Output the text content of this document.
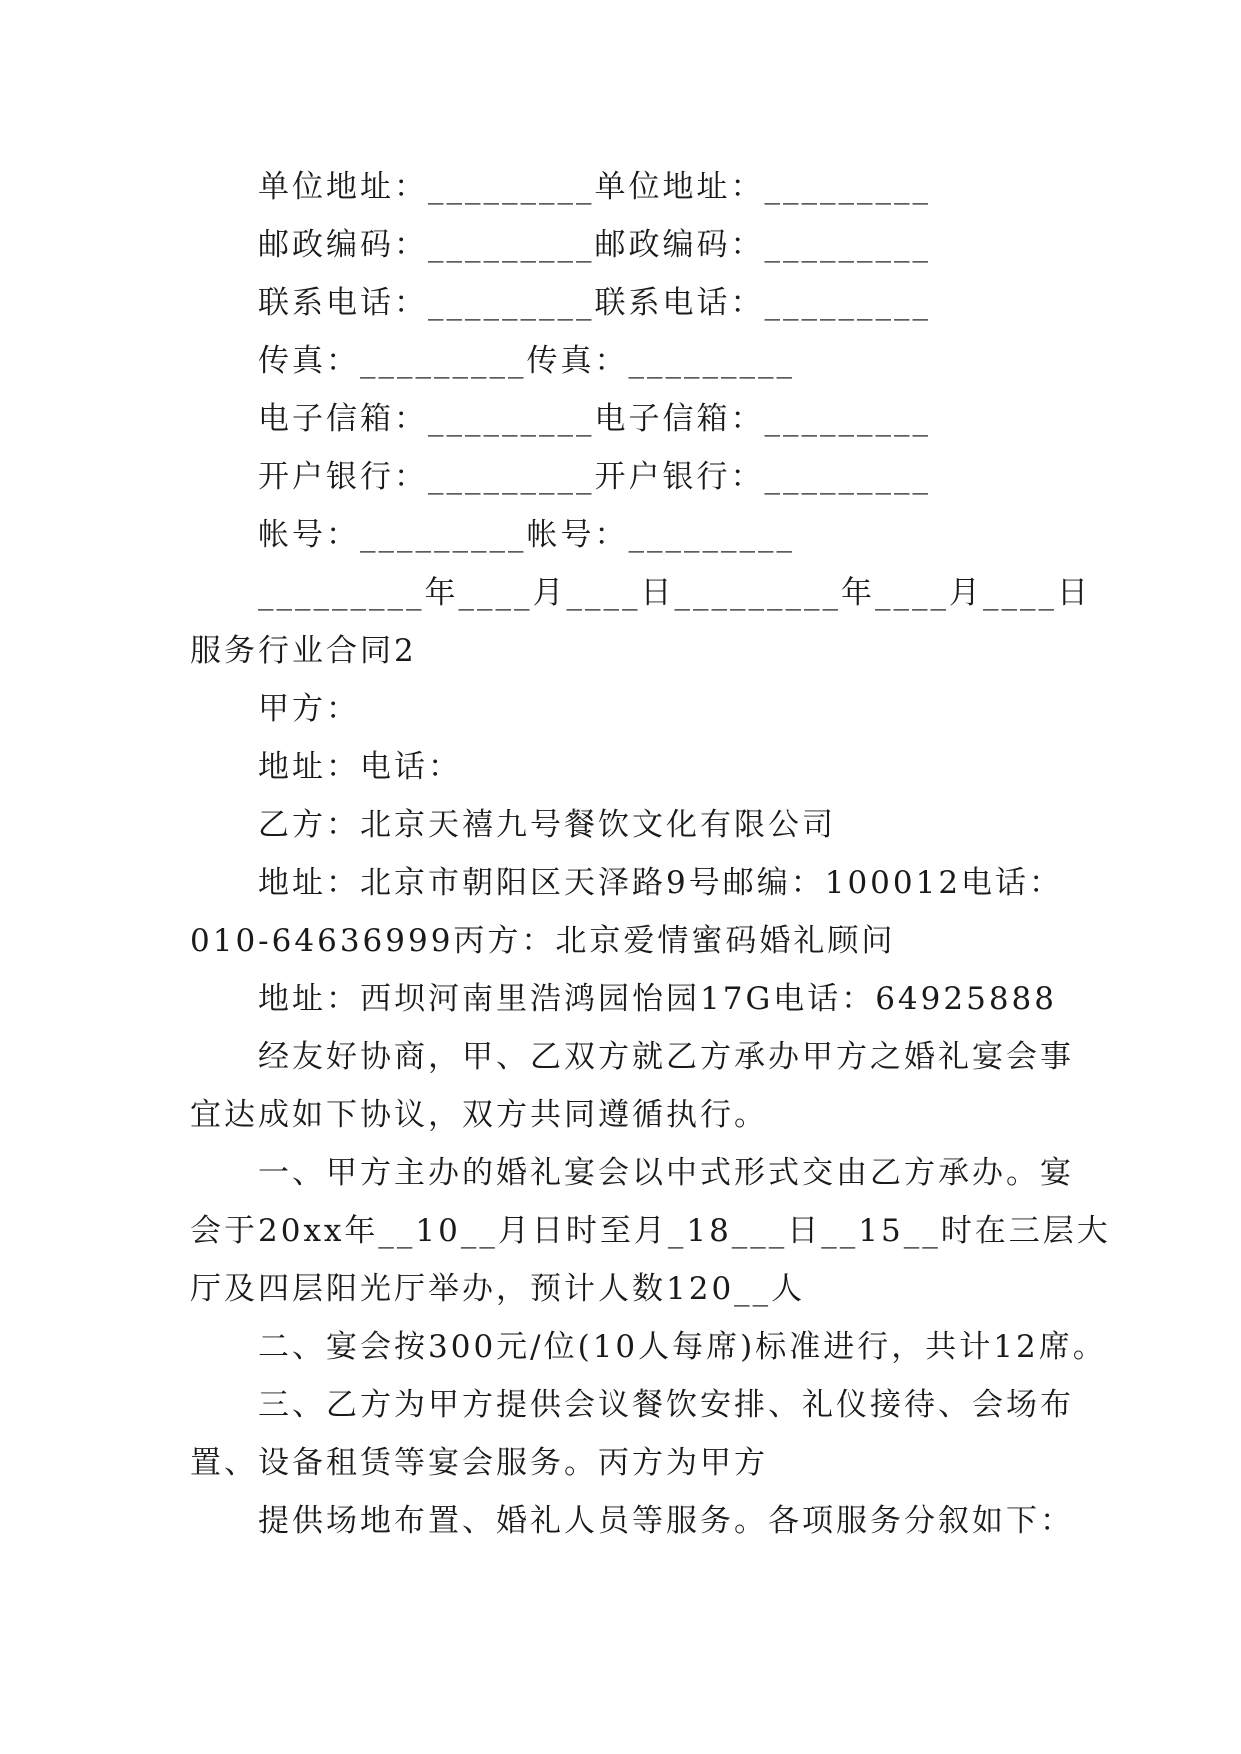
单位地址：_________单位地址：_________
邮政编码：_________邮政编码：_________
联系电话：_________联系电话：_________
传真：_________传真：_________
电子信箱：_________电子信箱：_________
开户银行：_________开户银行：_________
帐号：_________帐号：_________
_________年____月____日_________年____月____日
服务行业合同2
甲方：
地址：电话：
乙方：北京天禧九号餐饮文化有限公司
地址：北京市朝阳区天泽路9号邮编：100012电话：
010-64636999丙方：北京爱情蜜码婚礼顾问
地址：西坝河南里浩鸿园怡园17G电话：64925888
经友好协商，甲、乙双方就乙方承办甲方之婚礼宴会事
宜达成如下协议，双方共同遵循执行。
一、甲方主办的婚礼宴会以中式形式交由乙方承办。宴
会于20xx年__10__月日时至月_18___日__15__时在三层大
厅及四层阳光厅举办，预计人数120__人
二、宴会按300元/位(10人每席)标准进行，共计12席。
三、乙方为甲方提供会议餐饮安排、礼仪接待、会场布
置、设备租赁等宴会服务。丙方为甲方
提供场地布置、婚礼人员等服务。各项服务分叙如下：
